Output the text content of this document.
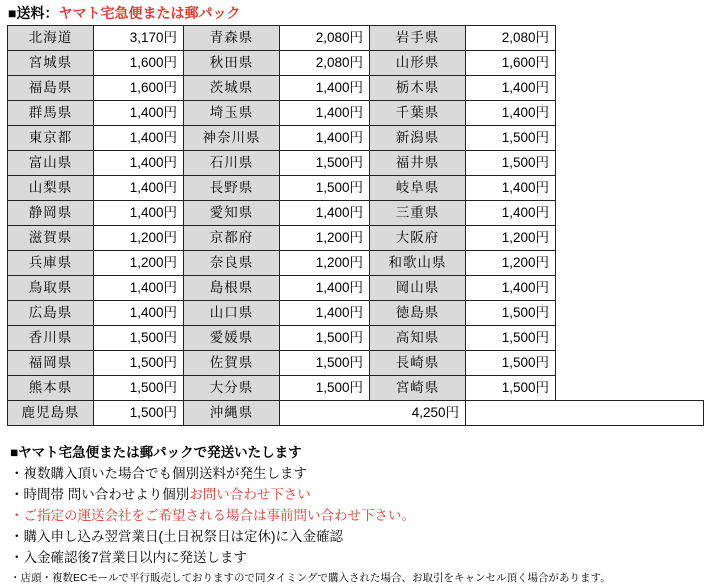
■送料： ヤマト宅急便または郵パック
北海道	3,170円	青森県	2,080円	岩手県	2,080円
宮城県	1,600円	秋田県	2,080円	山形県	1,600円
福島県	1,600円	茨城県	1,400円	栃木県	1,400円
群馬県	1,400円	埼玉県	1,400円	千葉県	1,400円
東京都	1,400円	神奈川県	1,400円	新潟県	1,500円
富山県	1,400円	石川県	1,500円	福井県	1,500円
山梨県	1,400円	長野県	1,500円	岐阜県	1,400円
静岡県	1,400円	愛知県	1,400円	三重県	1,400円
滋賀県	1,200円	京都府	1,200円	大阪府	1,200円
兵庫県	1,200円	奈良県	1,200円	和歌山県	1,200円
鳥取県	1,400円	島根県	1,400円	岡山県	1,400円
広島県	1,400円	山口県	1,400円	徳島県	1,500円
香川県	1,500円	愛媛県	1,500円	高知県	1,500円
福岡県	1,500円	佐賀県	1,500円	長崎県	1,500円
熊本県	1,500円	大分県	1,500円	宮崎県	1,500円
鹿児島県	1,500円	沖縄県	4,250円		
■ヤマト宅急便または郵パックで発送いたします
・複数購入頂いた場合でも個別送料が発生します
・時間帯 問い合わせより個別お問い合わせ下さい
・ご指定の運送会社をご希望される場合は事前問い合わせ下さい。
・購入申し込み翌営業日(土日祝祭日は定休)に入金確認
・入金確認後7営業日以内に発送します
・店頭・複数ECモールで平行販売しておりますので同タイミングで購入された場合、お取引をキャンセル頂く場合があります。
